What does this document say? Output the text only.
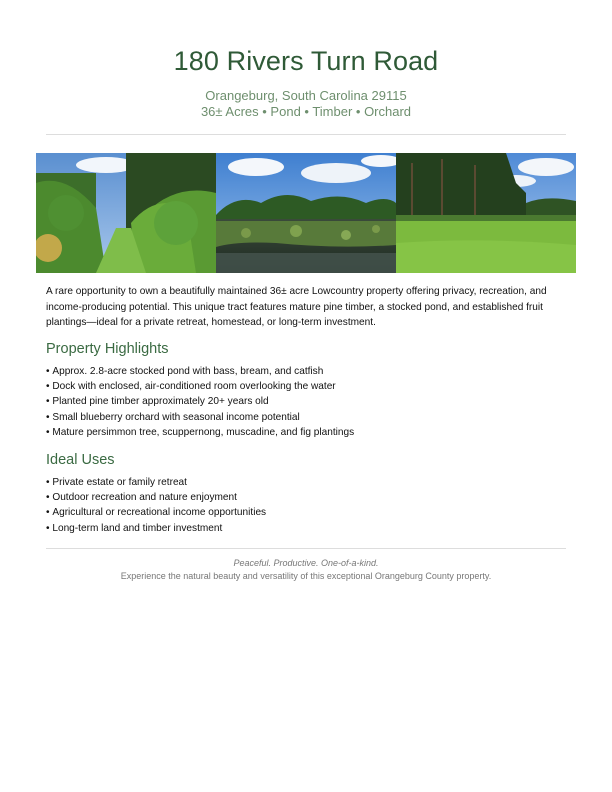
180 Rivers Turn Road

Orangeburg, South Carolina 29115

36± Acres • Pond • Timber • Orchard

A rare opportunity to own a beautifully maintained 36± acre Lowcountry property offering privacy, recreation, and income-producing potential. This unique tract features mature pine timber, a stocked pond, and established fruit plantings—ideal for a private retreat, homestead, or long-term investment.

Property Highlights
• Approx. 2.8-acre stocked pond with bass, bream, and catfish
• Dock with enclosed, air-conditioned room overlooking the water
• Planted pine timber approximately 20+ years old
• Small blueberry orchard with seasonal income potential
• Mature persimmon tree, scuppernong, muscadine, and fig plantings
Ideal Uses
• Private estate or family retreat
• Outdoor recreation and nature enjoyment
• Agricultural or recreational income opportunities
• Long-term land and timber investment

Peaceful. Productive. One-of-a-kind.

Experience the natural beauty and versatility of this exceptional Orangeburg County property.
